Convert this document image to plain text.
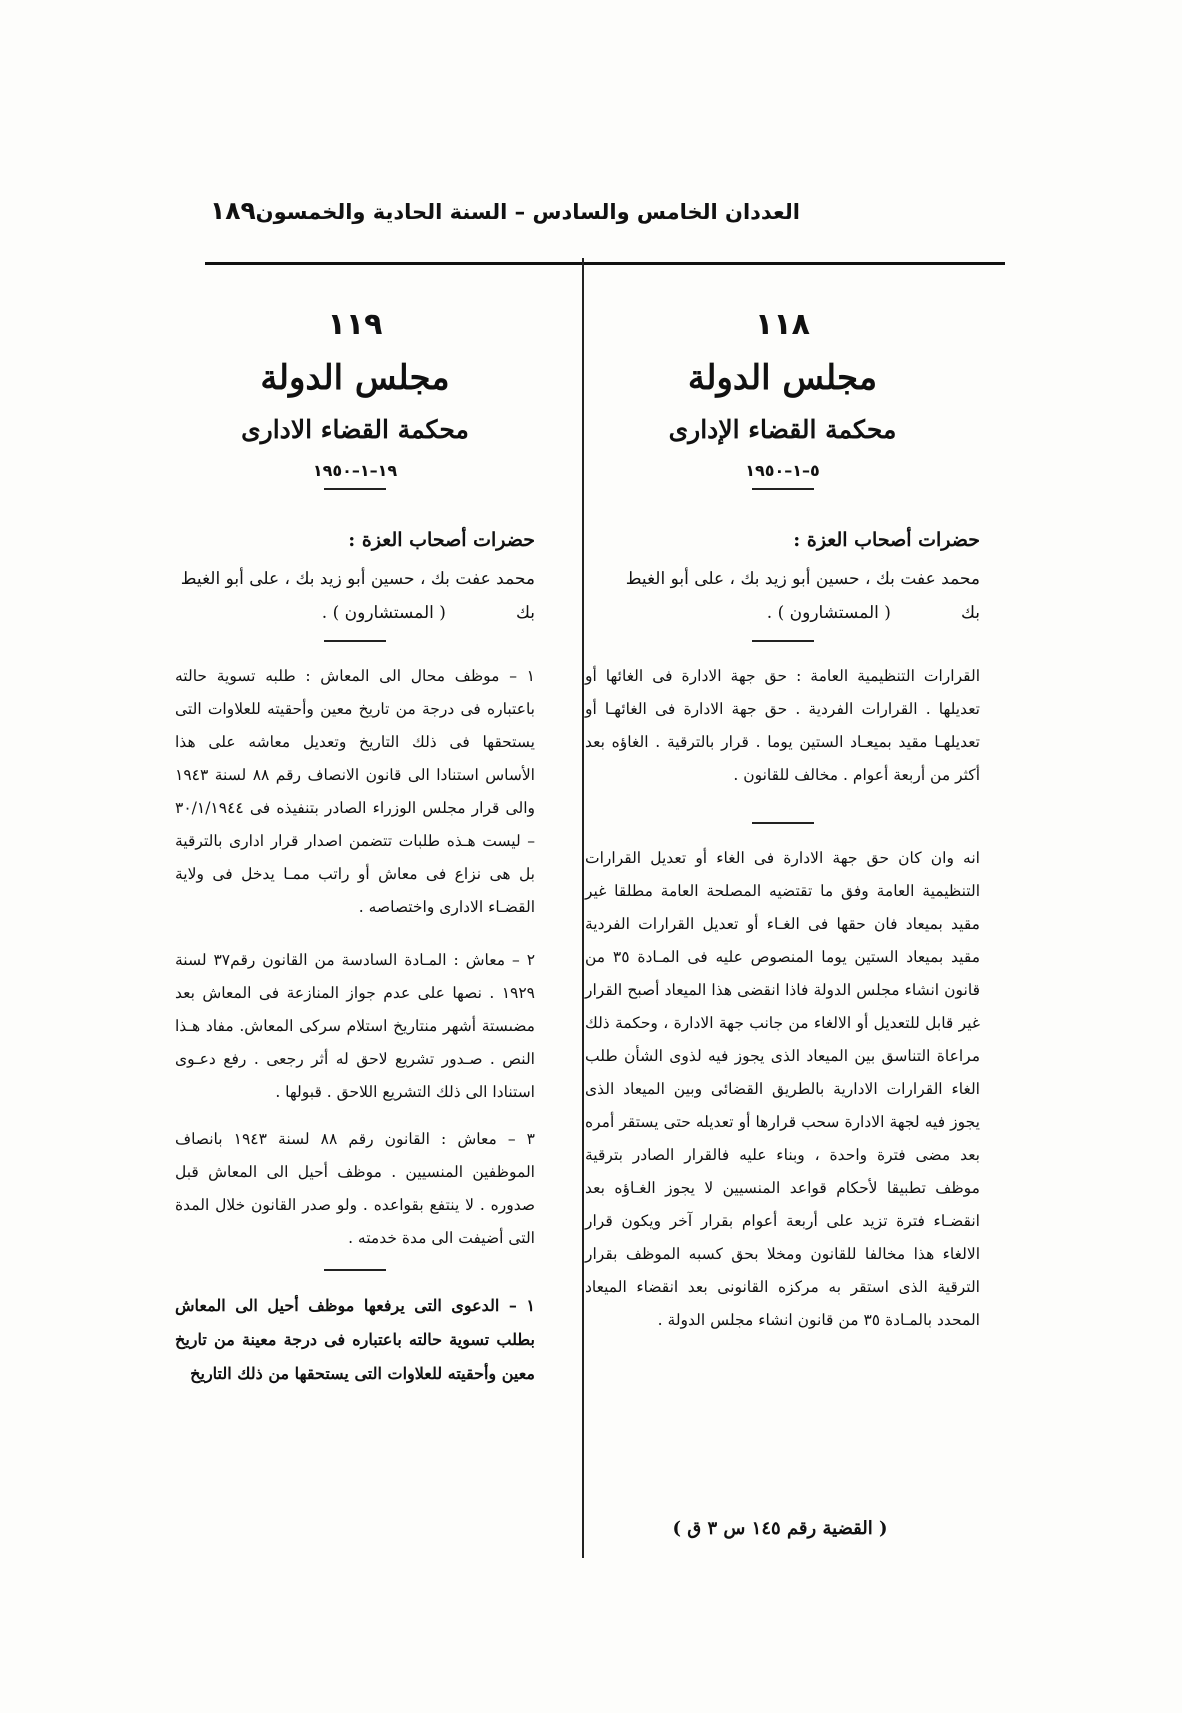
العددان الخامس والسادس – السنة الحادية والخمسون
١٨٩
١١٨
مجلس الدولة
محكمة القضاء الإدارى
٥–١–١٩٥٠
حضرات أصحاب العزة :
محمد عفت بك ، حسين أبو زيد بك ، على أبو الغيط
بك
( المستشارون ) .

القرارات التنظيمية العامة : حق جهة الادارة فى الغائها أو تعديلها . القرارات الفردية . حق جهة الادارة فى الغائهـا أو تعديلهـا مقيد بميعـاد الستين يوما . قرار بالترقية . الغاؤه بعد أكثر من أربعة أعوام . مخالف للقانون .

انه وان كان حق جهة الادارة فى الغاء أو تعديل القرارات التنظيمية العامة وفق ما تقتضيه المصلحة العامة مطلقا غير مقيد بميعاد فان حقها فى الغـاء أو تعديل القرارات الفردية مقيد بميعاد الستين يوما المنصوص عليه فى المـادة ٣٥ من قانون انشاء مجلس الدولة فاذا انقضى هذا الميعاد أصبح القرار غير قابل للتعديل أو الالغاء من جانب جهة الادارة ، وحكمة ذلك مراعاة التناسق بين الميعاد الذى يجوز فيه لذوى الشأن طلب الغاء القرارات الادارية بالطريق القضائى وبين الميعاد الذى يجوز فيه لجهة الادارة سحب قرارها أو تعديله حتى يستقر أمره بعد مضى فترة واحدة ، وبناء عليه فالقرار الصادر بترقية موظف تطبيقا لأحكام قواعد المنسيين لا يجوز الغـاؤه بعد انقضـاء فترة تزيد على أربعة أعوام بقرار آخر ويكون قرار الالغاء هذا مخالفا للقانون ومخلا بحق كسبه الموظف بقرار الترقية الذى استقر به مركزه القانونى بعد انقضاء الميعاد المحدد بالمـادة ٣٥ من قانون انشاء مجلس الدولة .

( القضية رقم ١٤٥ س ٣ ق )
١١٩
مجلس الدولة
محكمة القضاء الادارى
١٩–١–١٩٥٠
حضرات أصحاب العزة :
محمد عفت بك ، حسين أبو زيد بك ، على أبو الغيط
بك
( المستشارون ) .

١ – موظف محال الى المعاش : طلبه تسوية حالته باعتباره فى درجة من تاريخ معين وأحقيته للعلاوات التى يستحقها فى ذلك التاريخ وتعديل معاشه على هذا الأساس استنادا الى قانون الانصاف رقم ٨٨ لسنة ١٩٤٣ والى قرار مجلس الوزراء الصادر بتنفيذه فى ٣٠/١/١٩٤٤ – ليست هـذه طلبات تتضمن اصدار قرار ادارى بالترقية بل هى نزاع فى معاش أو راتب ممـا يدخل فى ولاية القضـاء الادارى واختصاصه .

٢ – معاش : المـادة السادسة من القانون رقم٣٧ لسنة ١٩٢٩ . نصها على عدم جواز المنازعة فى المعاش بعد مضىستة أشهر منتاريخ استلام سركى المعاش. مفاد هـذا النص . صـدور تشريع لاحق له أثر رجعى . رفع دعـوى استنادا الى ذلك التشريع اللاحق . قبولها .

٣ – معاش : القانون رقم ٨٨ لسنة ١٩٤٣ بانصاف الموظفين المنسيين . موظف أحيل الى المعاش قبل صدوره . لا ينتفع بقواعده . ولو صدر القانون خلال المدة التى أضيفت الى مدة خدمته .

١ – الدعوى التى يرفعها موظف أحيل الى المعاش بطلب تسوية حالته باعتباره فى درجة معينة من تاريخ معين وأحقيته للعلاوات التى يستحقها من ذلك التاريخ
